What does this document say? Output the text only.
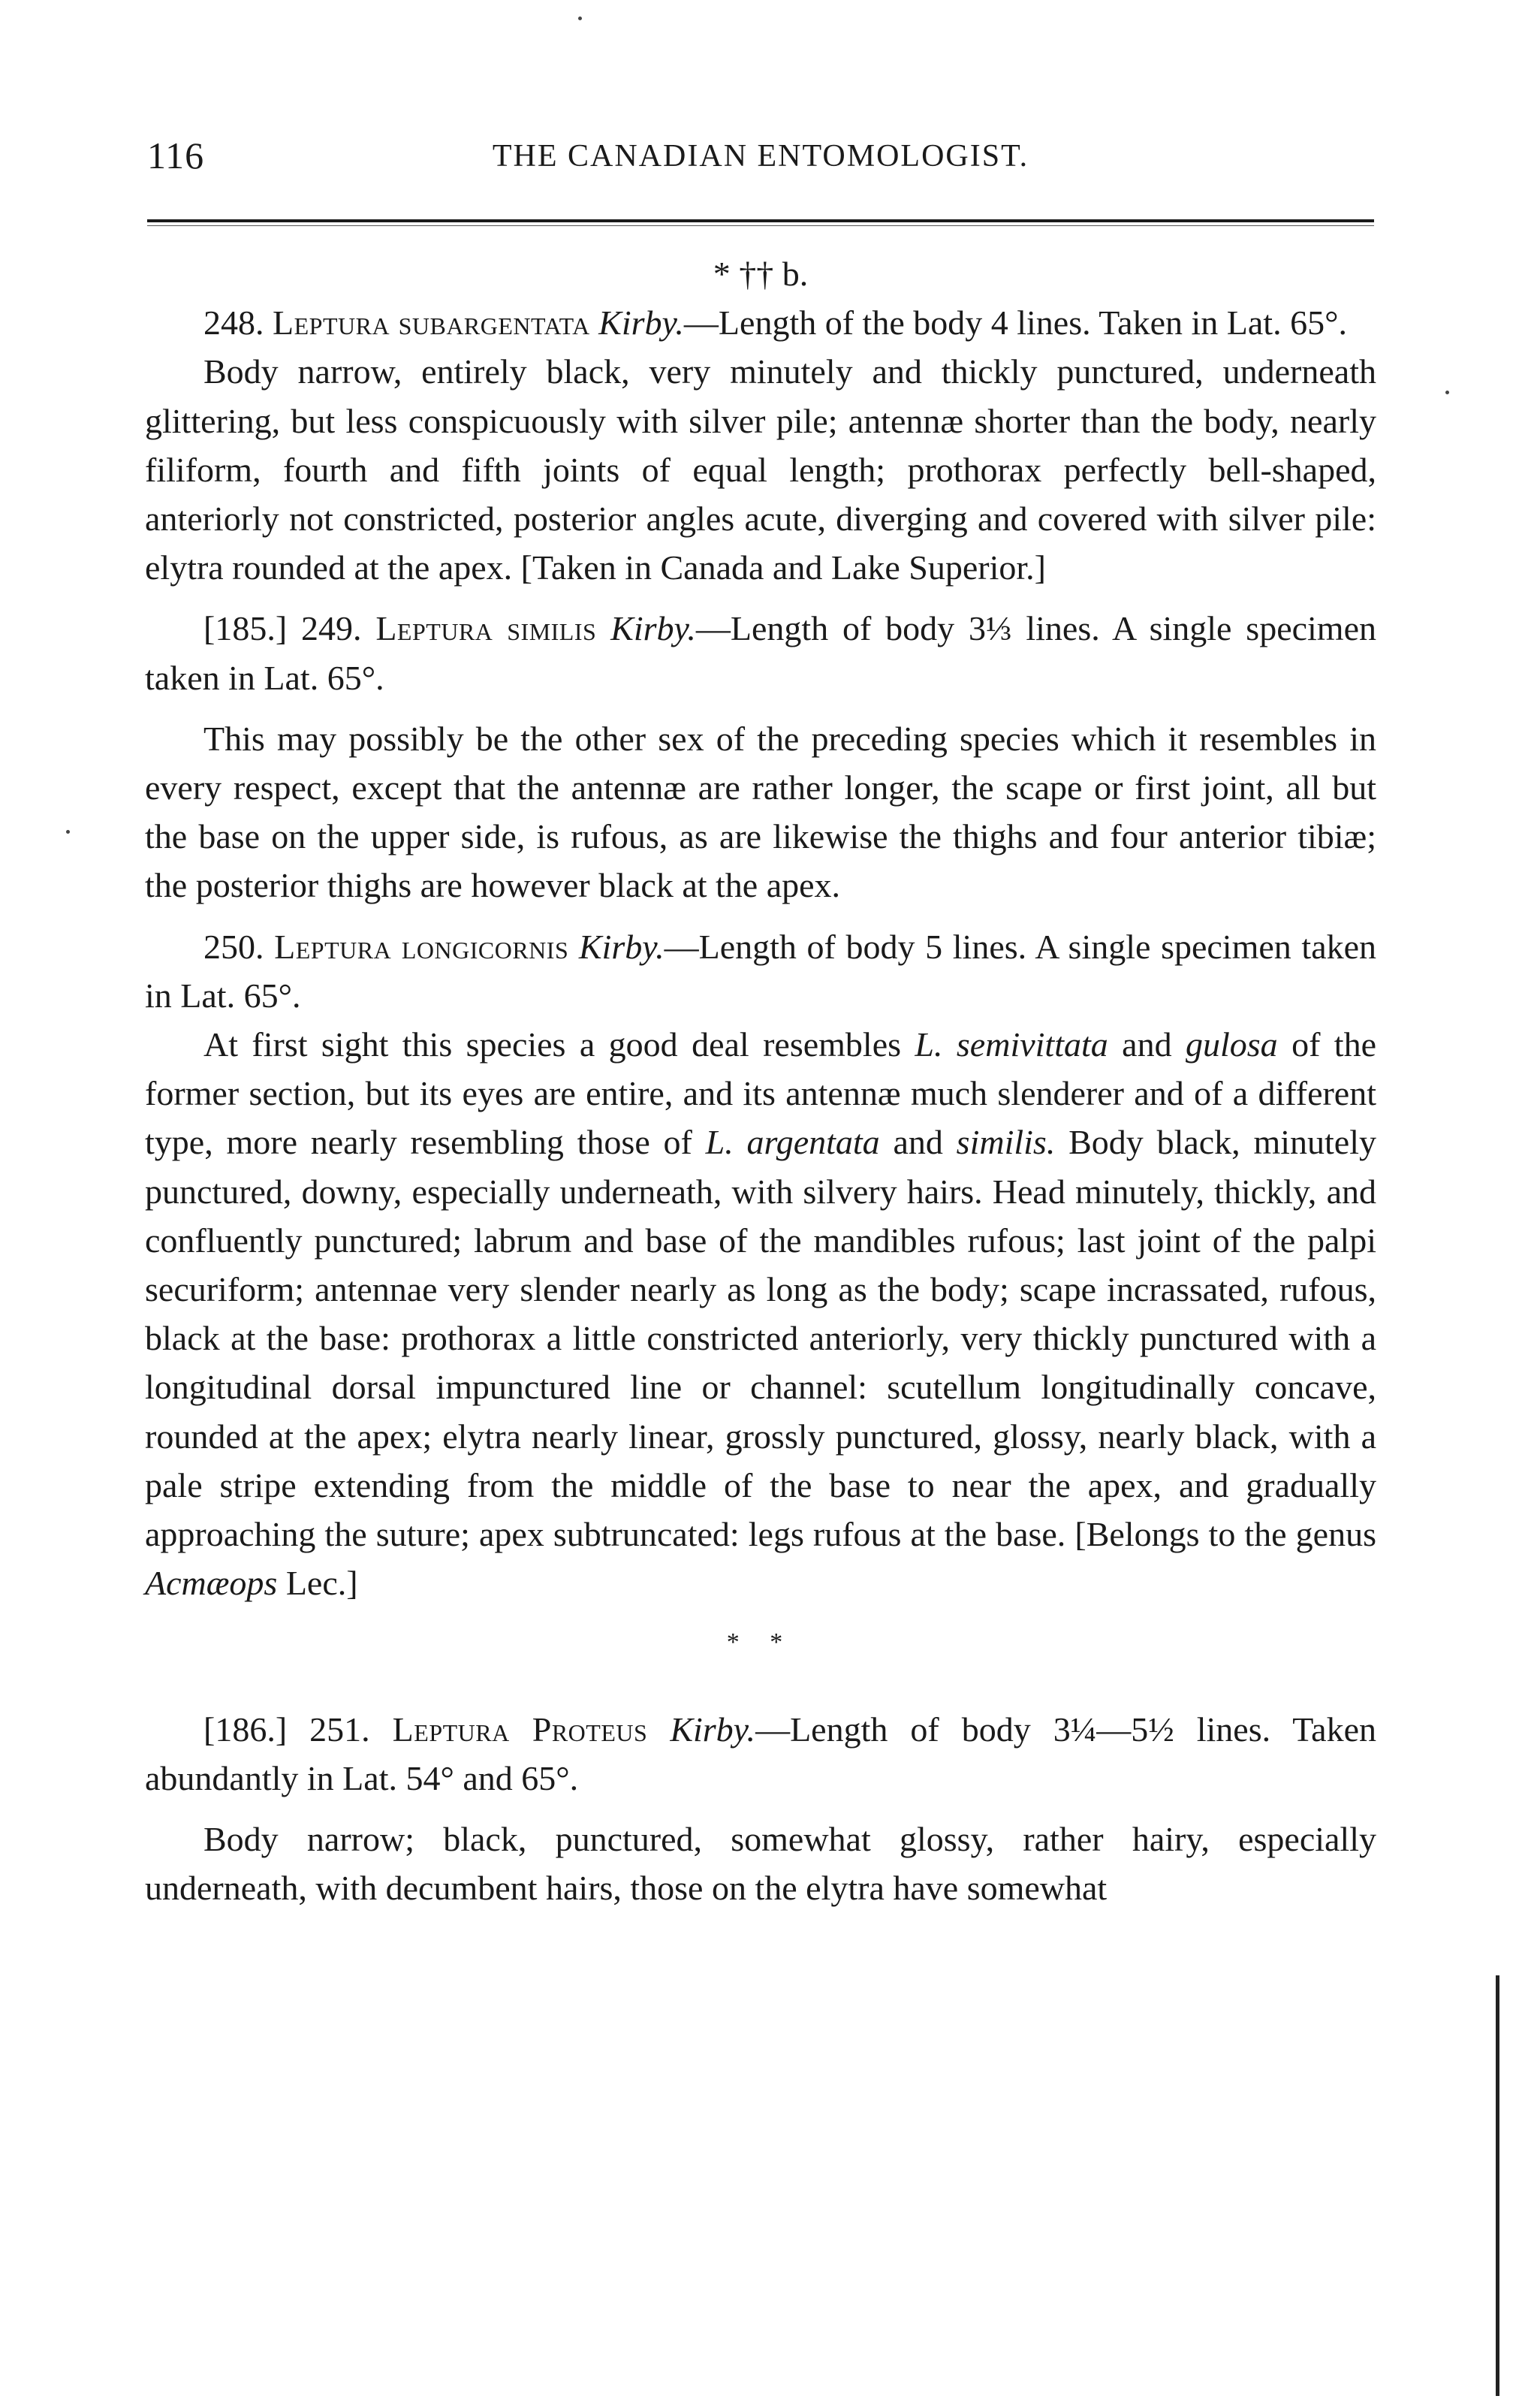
116	THE CANADIAN ENTOMOLOGIST.

* †† b.

248. Leptura subargentata Kirby.—Length of the body 4 lines. Taken in Lat. 65°.

Body narrow, entirely black, very minutely and thickly punctured, underneath glittering, but less conspicuously with silver pile; antennæ shorter than the body, nearly filiform, fourth and fifth joints of equal length; prothorax perfectly bell-shaped, anteriorly not constricted, posterior angles acute, diverging and covered with silver pile: elytra rounded at the apex. [Taken in Canada and Lake Superior.]

[185.] 249. Leptura similis Kirby.—Length of body 3⅓ lines. A single specimen taken in Lat. 65°.

This may possibly be the other sex of the preceding species which it resembles in every respect, except that the antennæ are rather longer, the scape or first joint, all but the base on the upper side, is rufous, as are likewise the thighs and four anterior tibiæ; the posterior thighs are however black at the apex.

250. Leptura longicornis Kirby.—Length of body 5 lines. A single specimen taken in Lat. 65°.

At first sight this species a good deal resembles L. semivittata and gulosa of the former section, but its eyes are entire, and its antennæ much slenderer and of a different type, more nearly resembling those of L. argentata and similis. Body black, minutely punctured, downy, especially underneath, with silvery hairs. Head minutely, thickly, and confluently punctured; labrum and base of the mandibles rufous; last joint of the palpi securiform; antennae very slender nearly as long as the body; scape incrassated, rufous, black at the base: prothorax a little constricted anteriorly, very thickly punctured with a longitudinal dorsal impunctured line or channel: scutellum longitudinally concave, rounded at the apex; elytra nearly linear, grossly punctured, glossy, nearly black, with a pale stripe extending from the middle of the base to near the apex, and gradually approaching the suture; apex subtruncated: legs rufous at the base. [Belongs to the genus Acmæops Lec.]

* *

[186.] 251. Leptura Proteus Kirby.—Length of body 3¼—5½ lines. Taken abundantly in Lat. 54° and 65°.

Body narrow; black, punctured, somewhat glossy, rather hairy, especially underneath, with decumbent hairs, those on the elytra have somewhat
